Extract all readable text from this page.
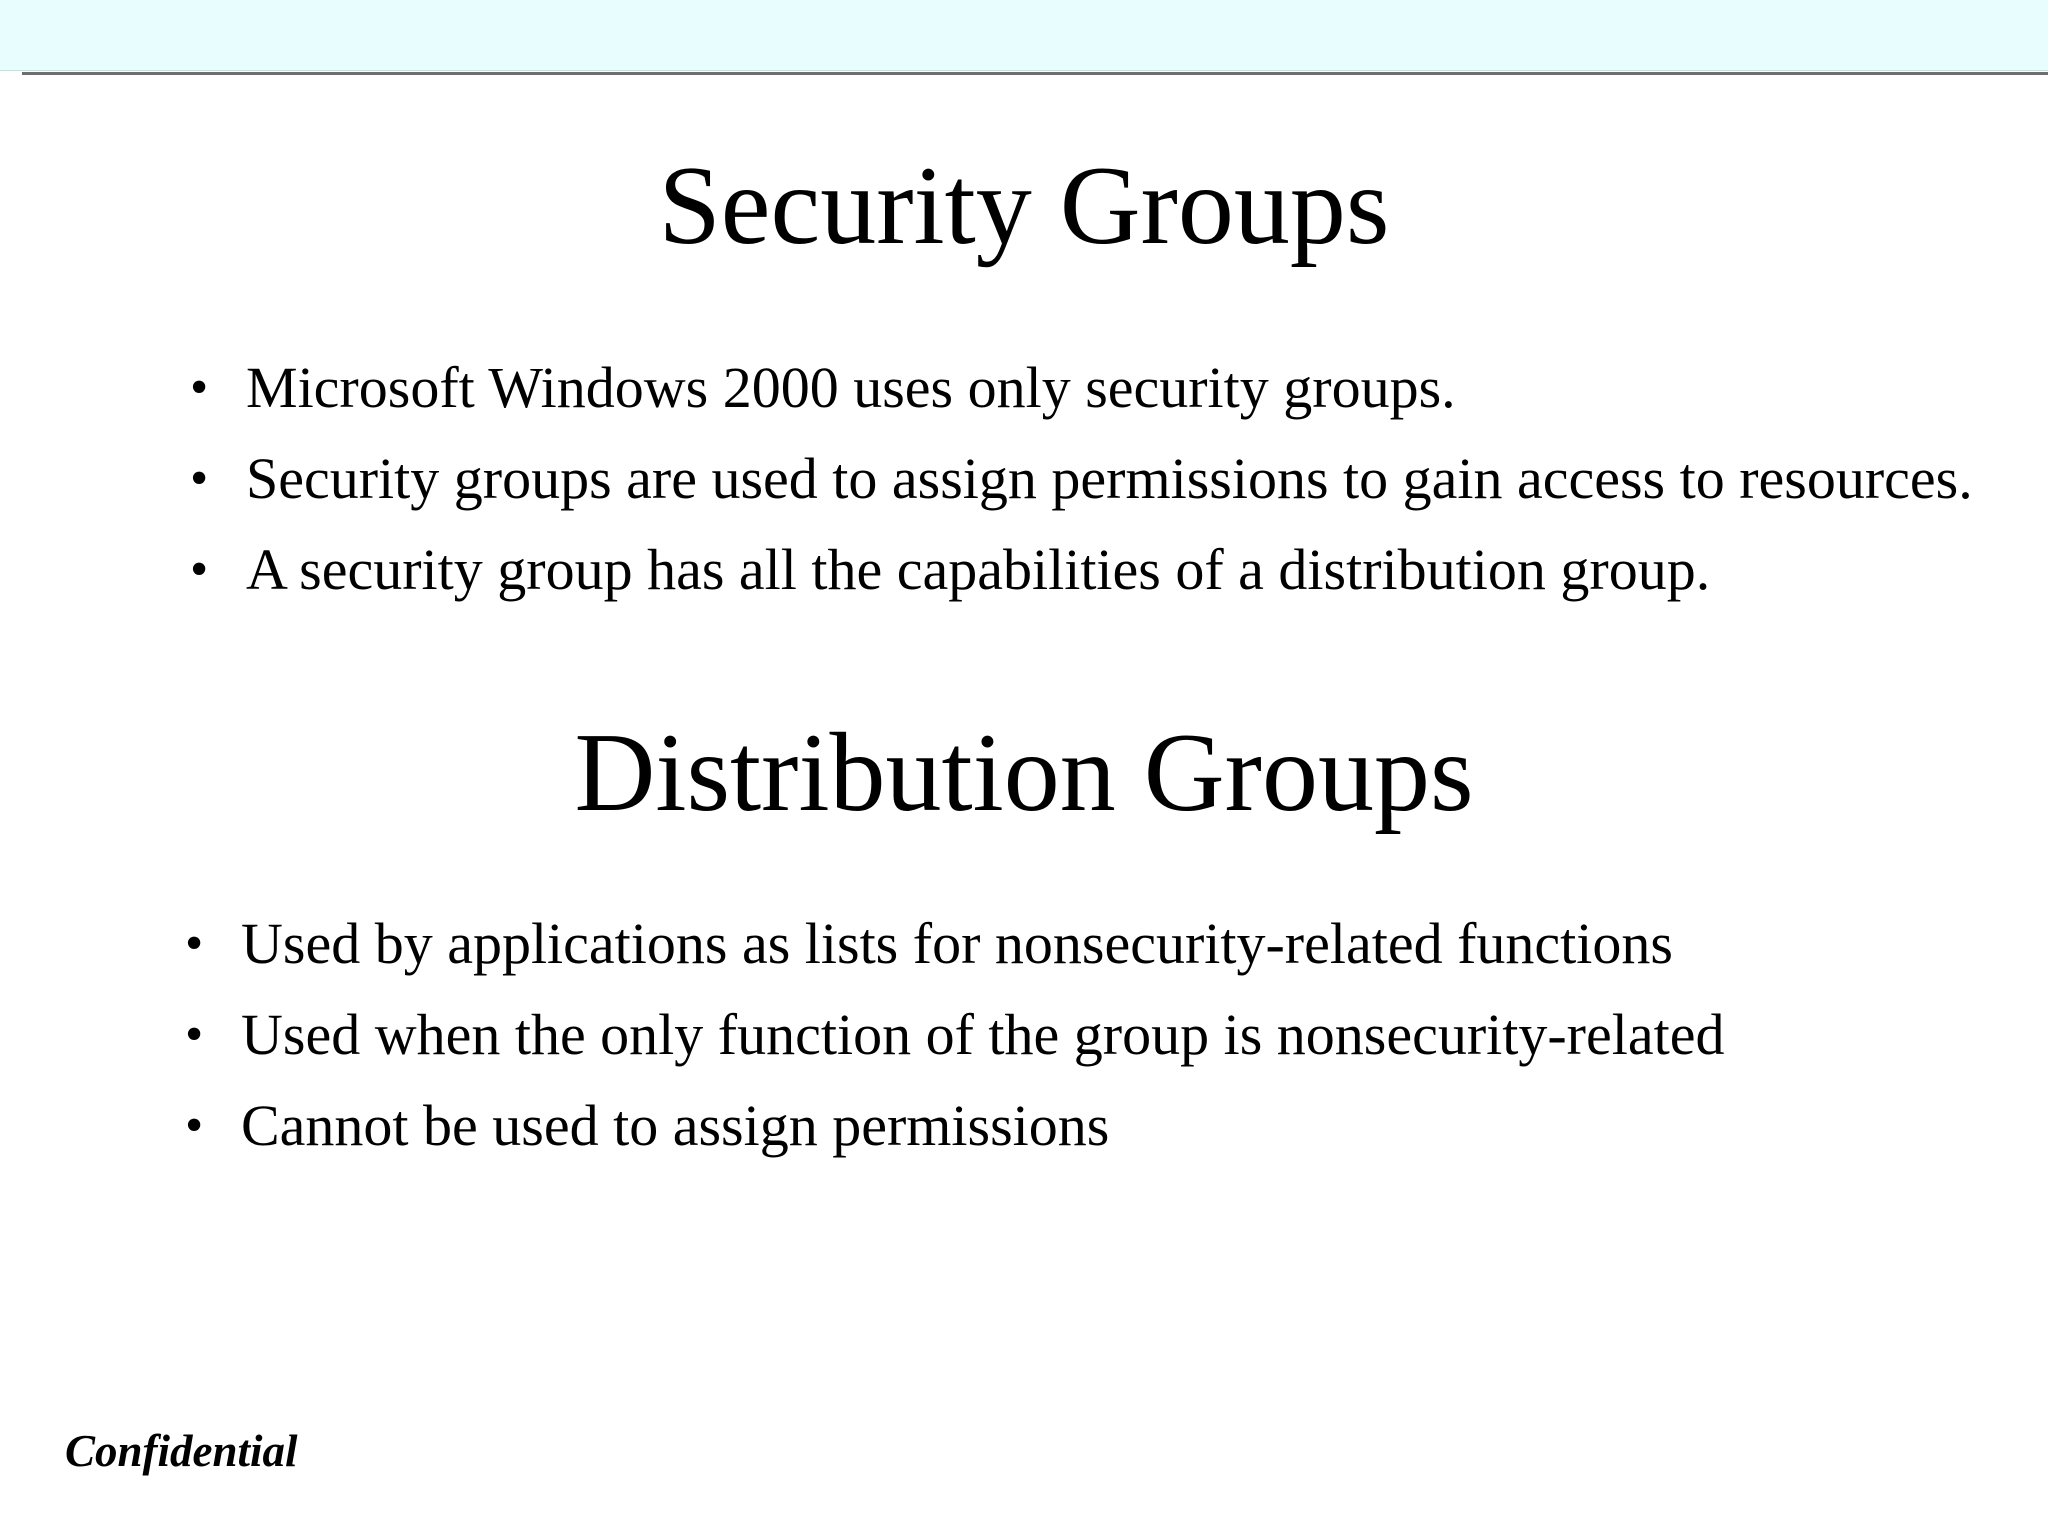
Security Groups
• Microsoft Windows 2000 uses only security groups.
• Security groups are used to assign permissions to gain access to resources.
• A security group has all the capabilities of a distribution group.
Distribution Groups
• Used by applications as lists for nonsecurity-related functions
• Used when the only function of the group is nonsecurity-related
• Cannot be used to assign permissions
Confidential
